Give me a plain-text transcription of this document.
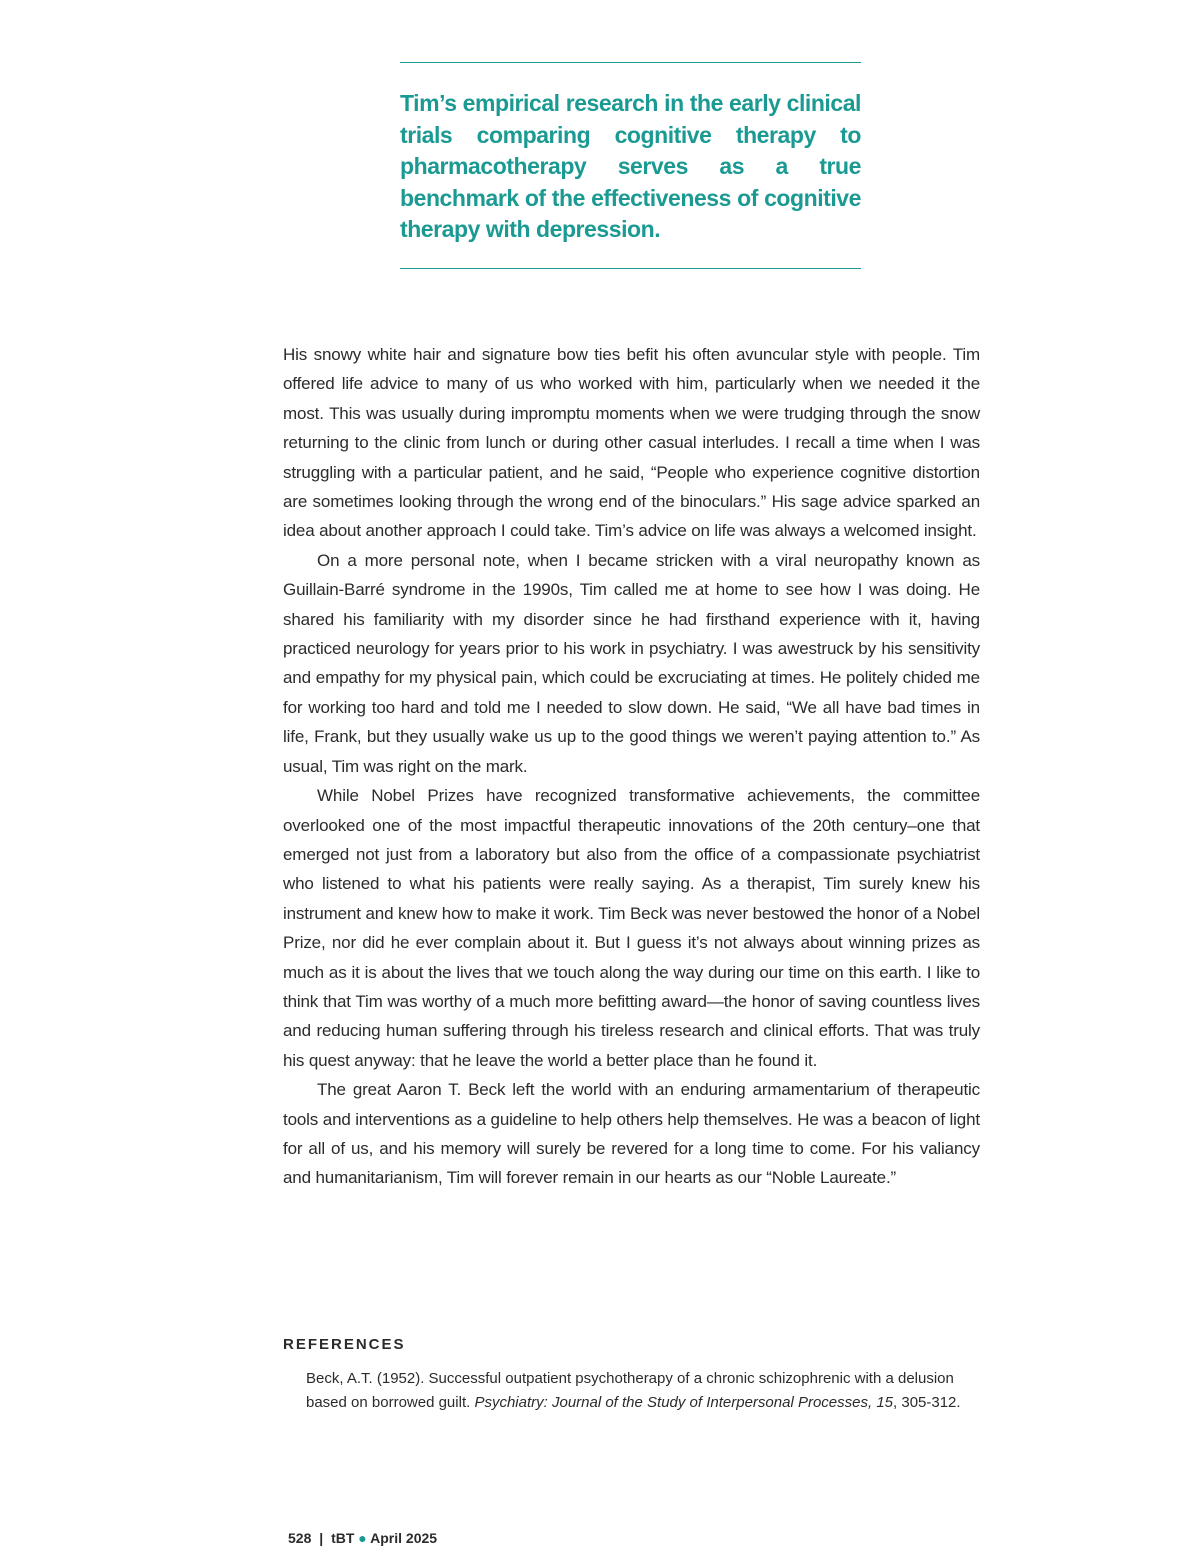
Tim’s empirical research in the early clinical trials comparing cognitive therapy to pharmacotherapy serves as a true benchmark of the effectiveness of cognitive therapy with depression.

His snowy white hair and signature bow ties befit his often avuncular style with people. Tim offered life advice to many of us who worked with him, particularly when we needed it the most. This was usually during impromptu moments when we were trudging through the snow returning to the clinic from lunch or during other casual interludes. I recall a time when I was struggling with a particular patient, and he said, “People who experience cognitive distortion are sometimes looking through the wrong end of the binoculars.” His sage advice sparked an idea about another approach I could take. Tim’s advice on life was always a welcomed insight.

On a more personal note, when I became stricken with a viral neuropathy known as Guillain-Barré syndrome in the 1990s, Tim called me at home to see how I was doing. He shared his familiarity with my disorder since he had firsthand experience with it, having practiced neurology for years prior to his work in psychiatry. I was awestruck by his sensitivity and empathy for my physical pain, which could be excruciating at times. He politely chided me for working too hard and told me I needed to slow down. He said, “We all have bad times in life, Frank, but they usually wake us up to the good things we weren’t paying attention to.” As usual, Tim was right on the mark.

While Nobel Prizes have recognized transformative achievements, the committee overlooked one of the most impactful therapeutic innovations of the 20th century–one that emerged not just from a laboratory but also from the office of a compassionate psychiatrist who listened to what his patients were really saying. As a therapist, Tim surely knew his instrument and knew how to make it work. Tim Beck was never bestowed the honor of a Nobel Prize, nor did he ever complain about it. But I guess it’s not always about winning prizes as much as it is about the lives that we touch along the way during our time on this earth. I like to think that Tim was worthy of a much more befitting award—the honor of saving countless lives and reducing human suffering through his tireless research and clinical efforts. That was truly his quest anyway: that he leave the world a better place than he found it.

The great Aaron T. Beck left the world with an enduring armamentarium of therapeutic tools and interventions as a guideline to help others help themselves. He was a beacon of light for all of us, and his memory will surely be revered for a long time to come. For his valiancy and humanitarianism, Tim will forever remain in our hearts as our “Noble Laureate.”

REFERENCES

Beck, A.T. (1952). Successful outpatient psychotherapy of a chronic schizophrenic with a delusion based on borrowed guilt. Psychiatry: Journal of the Study of Interpersonal Processes, 15, 305-312.

528 | tBT ● April 2025
